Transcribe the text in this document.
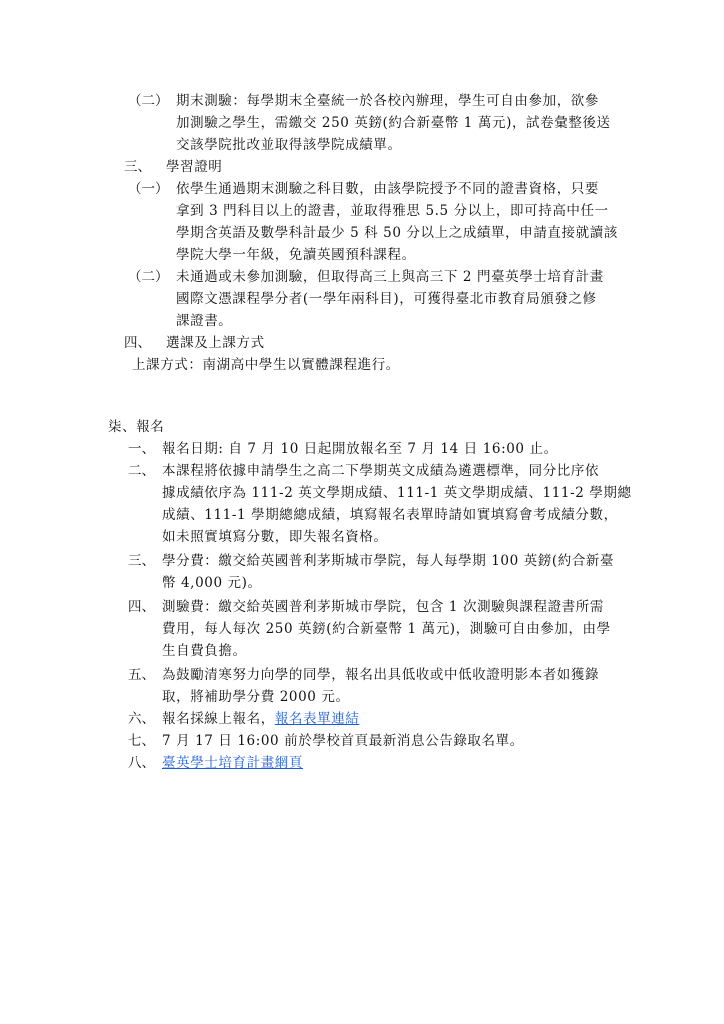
（二） 期末測驗：每學期末全臺統一於各校內辦理，學生可自由參加，欲參
加測驗之學生，需繳交 250 英鎊(約合新臺幣 1 萬元)，試卷彙整後送
交該學院批改並取得該學院成績單。
三、 學習證明
（一） 依學生通過期末測驗之科目數，由該學院授予不同的證書資格，只要
拿到 3 門科目以上的證書，並取得雅思 5.5 分以上，即可持高中任一
學期含英語及數學科計最少 5 科 50 分以上之成績單，申請直接就讀該
學院大學一年級，免讀英國預科課程。
（二） 未通過或未參加測驗，但取得高三上與高三下 2 門臺英學士培育計畫
國際文憑課程學分者(一學年兩科目)，可獲得臺北市教育局頒發之修
課證書。
四、 選課及上課方式
上課方式：南湖高中學生以實體課程進行。
柒、報名
一、 報名日期: 自 7 月 10 日起開放報名至 7 月 14 日 16:00 止。
二、 本課程將依據申請學生之高二下學期英文成績為遴選標準，同分比序依
據成績依序為 111-2 英文學期成績、111-1 英文學期成績、111-2 學期總
成績、111-1 學期總總成績，填寫報名表單時請如實填寫會考成績分數，
如未照實填寫分數，即失報名資格。
三、 學分費：繳交給英國普利茅斯城市學院，每人每學期 100 英鎊(約合新臺
幣 4,000 元)。
四、 測驗費：繳交給英國普利茅斯城市學院，包含 1 次測驗與課程證書所需
費用，每人每次 250 英鎊(約合新臺幣 1 萬元)，測驗可自由參加，由學
生自費負擔。
五、 為鼓勵清寒努力向學的同學，報名出具低收或中低收證明影本者如獲錄
取，將補助學分費 2000 元。
六、 報名採線上報名，報名表單連結
七、 7 月 17 日 16:00 前於學校首頁最新消息公告錄取名單。
八、 臺英學士培育計畫網頁
